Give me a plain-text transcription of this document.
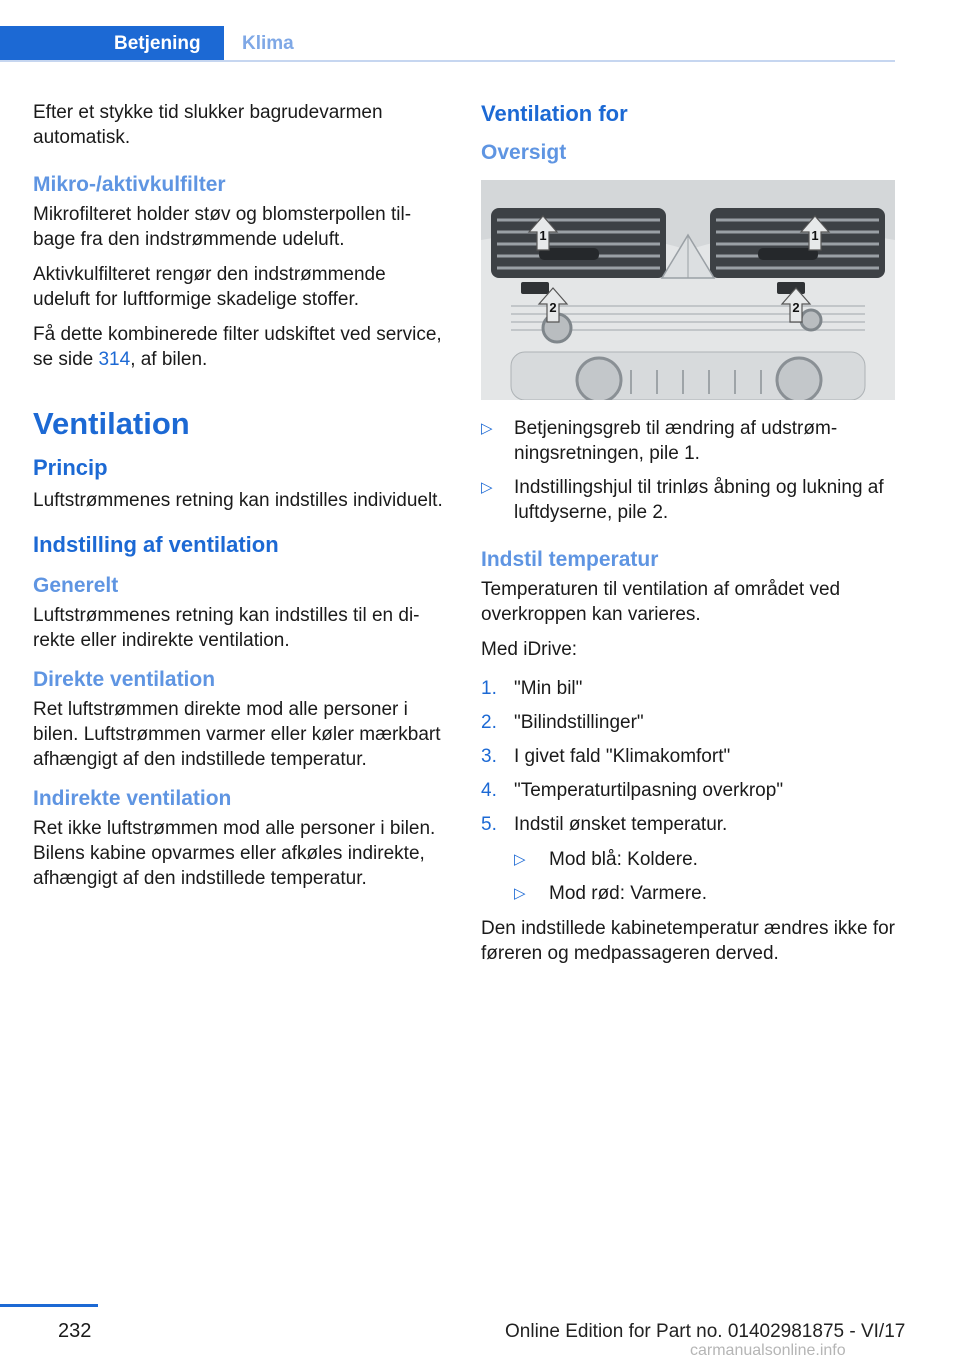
Betjening	Klima

Efter et stykke tid slukker bagrudevarmen automatisk.

Mikro-/aktivkulfilter

Mikrofilteret holder støv og blomsterpollen tilbage fra den indstrømmende udeluft.

Aktivkulfilteret rengør den indstrømmende udeluft for luftformige skadelige stoffer.

Få dette kombinerede filter udskiftet ved service, se side 314, af bilen.

Ventilation
Princip

Luftstrømmenes retning kan indstilles individuelt.

Indstilling af ventilation
Generelt

Luftstrømmenes retning kan indstilles til en direkte eller indirekte ventilation.

Direkte ventilation

Ret luftstrømmen direkte mod alle personer i bilen. Luftstrømmen varmer eller køler mærkbart afhængigt af den indstillede temperatur.

Indirekte ventilation

Ret ikke luftstrømmen mod alle personer i bilen. Bilens kabine opvarmes eller afkøles indirekte, afhængigt af den indstillede temperatur.

Ventilation for
Oversigt
1	1
2	2
▷ Betjeningsgreb til ændring af udstrømningsretningen, pile 1.
▷ Indstillingshjul til trinløs åbning og lukning af luftdyserne, pile 2.
Indstil temperatur

Temperaturen til ventilation af området ved overkroppen kan varieres.

Med iDrive:

1. "Min bil"
2. "Bilindstillinger"
3. I givet fald "Klimakomfort"
4. "Temperaturtilpasning overkrop"
5. Indstil ønsket temperatur.
▷ Mod blå: Koldere.
▷ Mod rød: Varmere.

Den indstillede kabinetemperatur ændres ikke for føreren og medpassageren derved.

232	Online Edition for Part no. 01402981875 - VI/17
carmanualsonline.info
